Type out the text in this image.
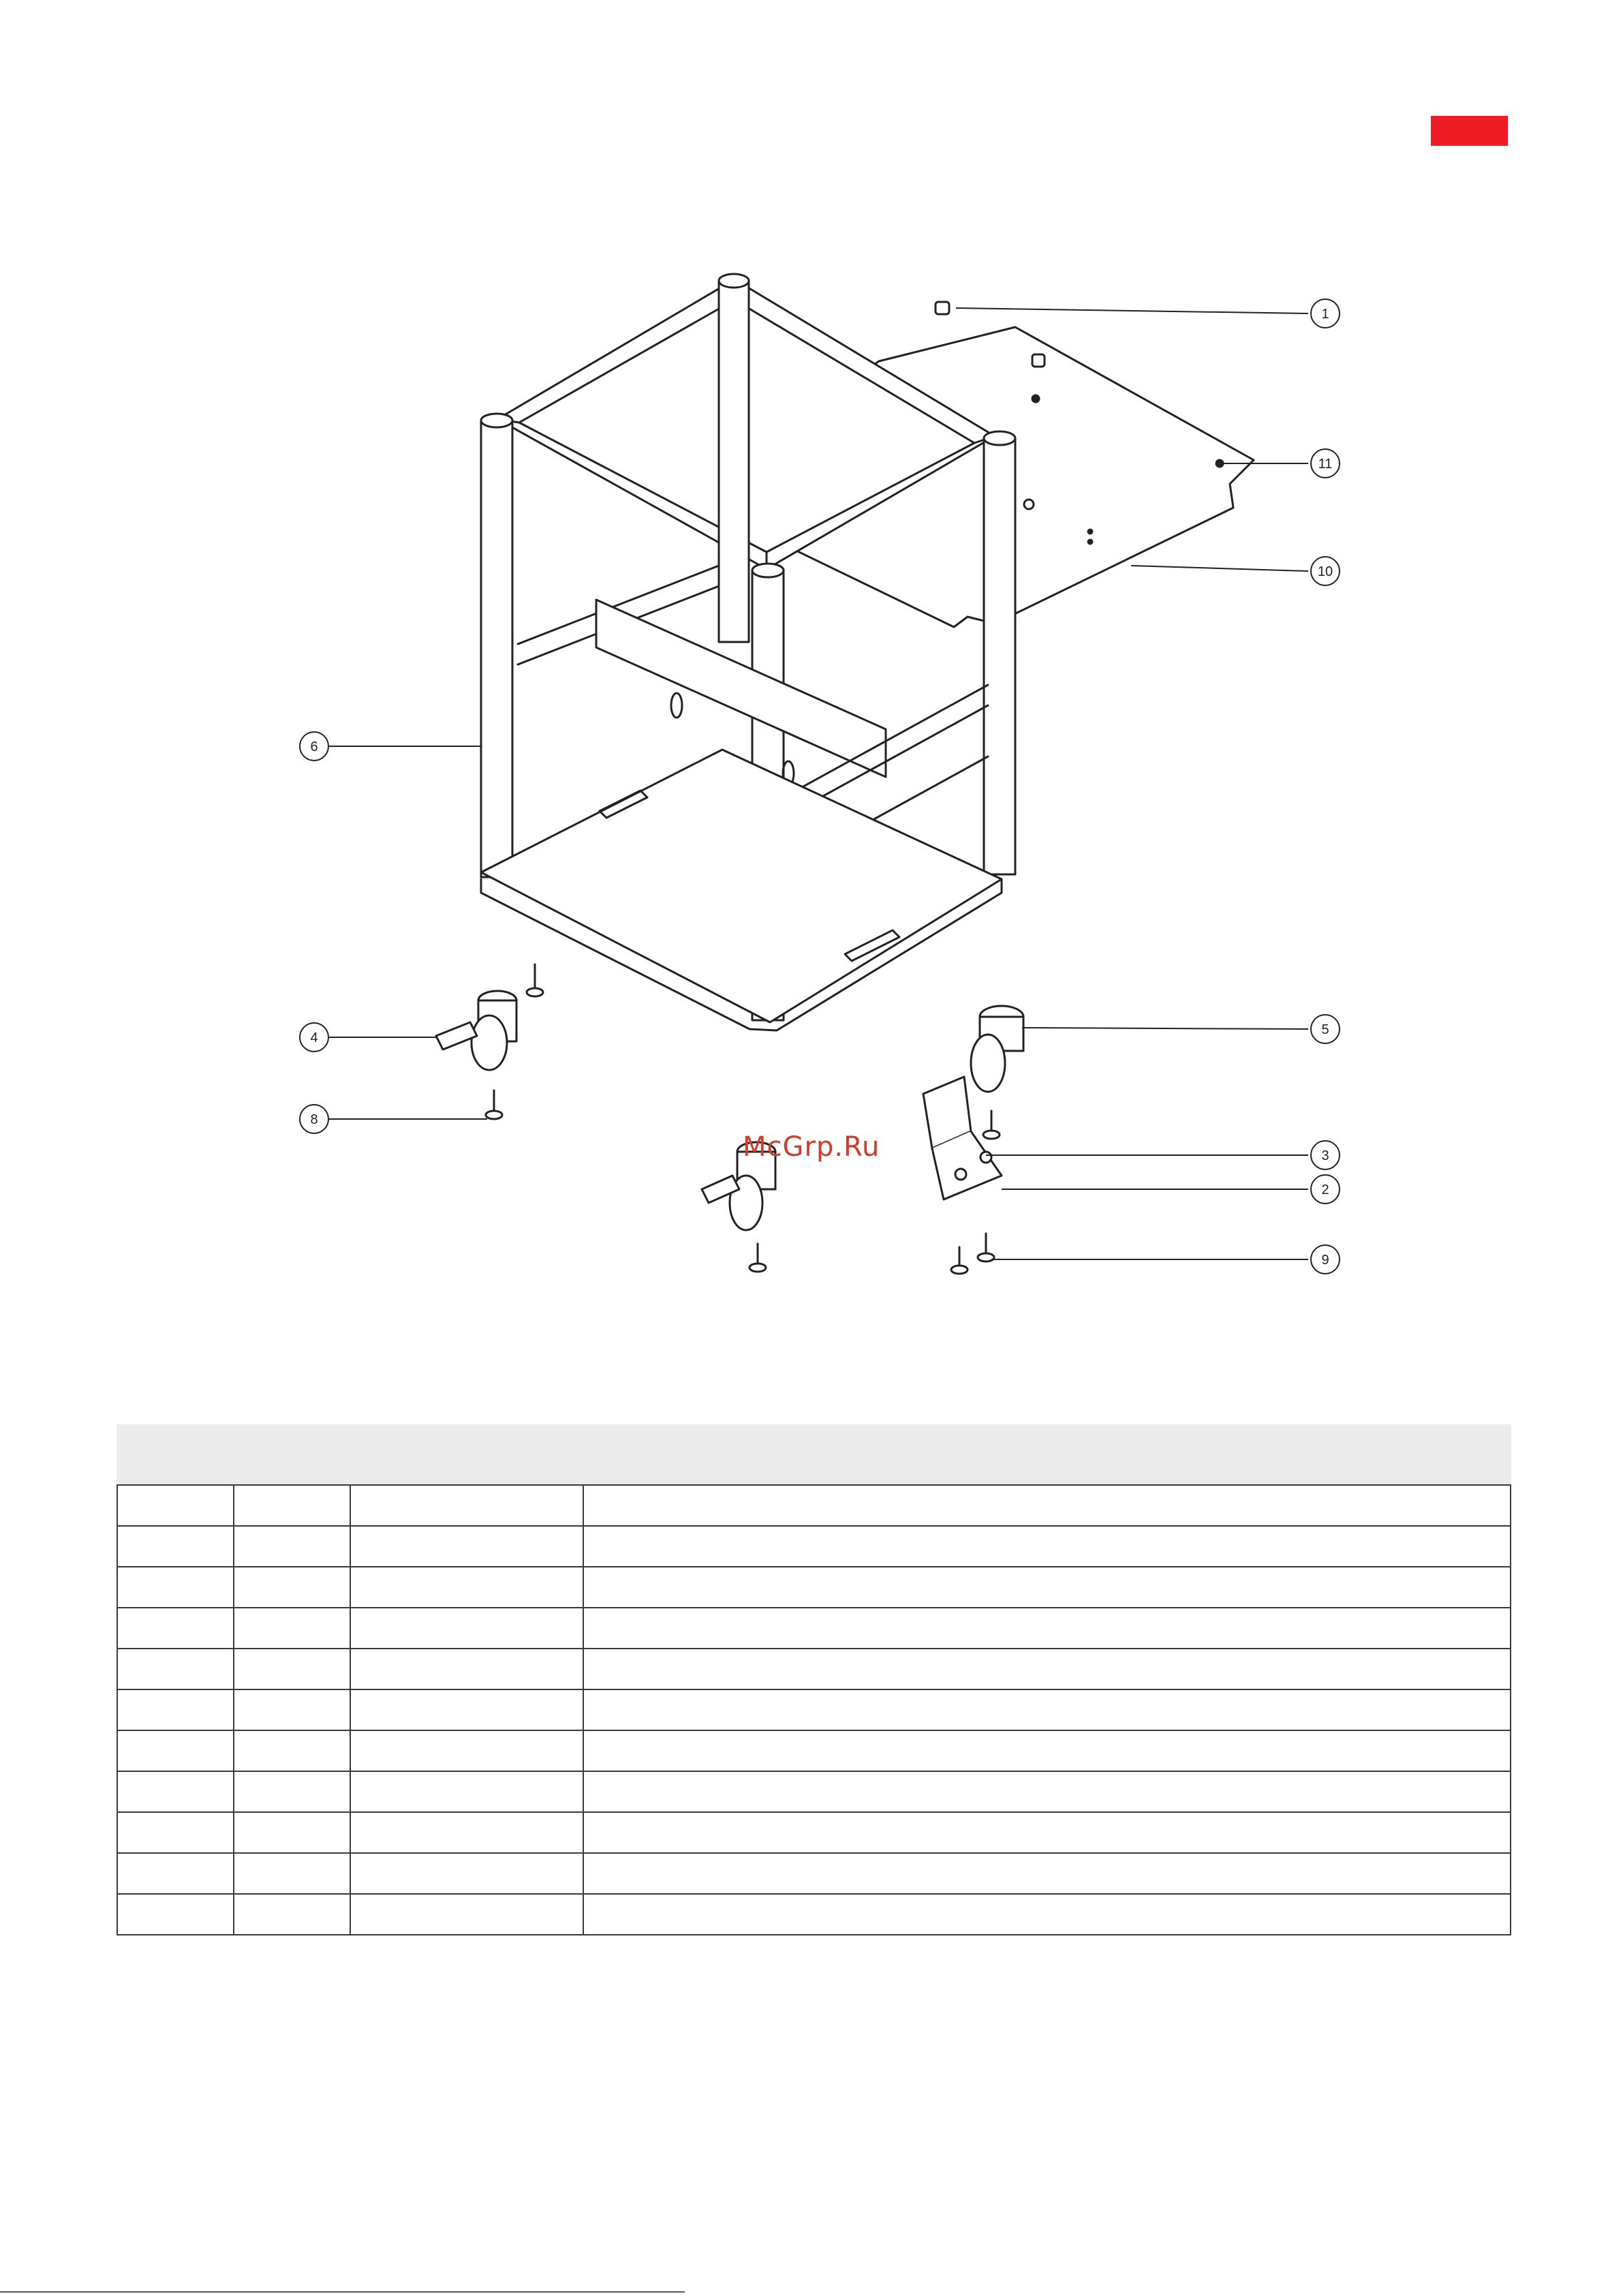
1
11
10
6
4
5
8
3
2
9
McGrp.Ru
